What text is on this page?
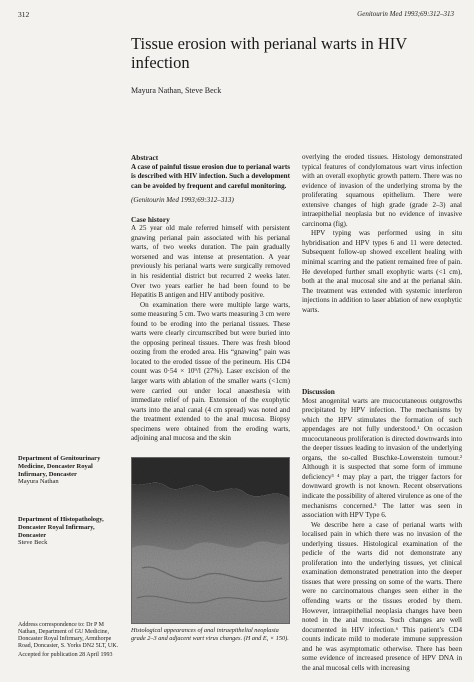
312	Genitourin Med 1993;69:312–313
Tissue erosion with perianal warts in HIV infection
Mayura Nathan, Steve Beck
Abstract

A case of painful tissue erosion due to perianal warts is described with HIV infection. Such a development can be avoided by frequent and careful monitoring.

(Genitourin Med 1993;69:312–313)

Case history

A 25 year old male referred himself with persistent gnawing perianal pain associated with his perianal warts, of two weeks duration. The pain gradually worsened and was intense at presentation. A year previously his perianal warts were surgically removed in his residential district but recurred 2 weeks later. Over two years earlier he had been found to be Hepatitis B antigen and HIV antibody positive.

On examination there were multiple large warts, some measuring 5 cm. Two warts measuring 3 cm were found to be eroding into the perianal tissues. These warts were clearly circumscribed but were buried into the opposing perineal tissues. There was fresh blood oozing from the eroded area. His “gnawing” pain was located to the eroded tissue of the perineum. His CD4 count was 0·54 × 10⁹/l (27%). Laser excision of the larger warts with ablation of the smaller warts (<1cm) were carried out under local anaesthesia with immediate relief of pain. Extension of the exophytic warts into the anal canal (4 cm spread) was noted and the treatment extended to the anal mucosa. Biopsy specimens were obtained from the eroding warts, adjoining anal mucosa and the skin

overlying the eroded tissues. Histology demonstrated typical features of condylomatous wart virus infection with an overall exophytic growth pattern. There was no evidence of invasion of the underlying stroma by the proliferating squamous epithelium. There were extensive changes of high grade (grade 2–3) anal intraepithelial neoplasia but no evidence of invasive carcinoma (fig).

HPV typing was performed using in situ hybridisation and HPV types 6 and 11 were detected. Subsequent follow-up showed excellent healing with minimal scarring and the patient remained free of pain. He developed further small exophytic warts (<1 cm), both at the anal mucosal site and at the perianal skin. The treatment was extended with systemic interferon injections in addition to laser ablation of new exophytic warts.

Discussion

Most anogenital warts are mucocutaneous outgrowths precipitated by HPV infection. The mechanisms by which the HPV stimulates the formation of such appendages are not fully understood.¹ On occasion mucocutaneous proliferation is directed downwards into the deeper tissues leading to invasion of the underlying organs, the so-called Buschke-Lowenstein tumour.² Although it is suspected that some form of immune deficiency³ ⁴ may play a part, the trigger factors for downward growth is not known. Recent observations indicate the possibility of altered virulence as one of the mechanisms concerned.⁵ The latter was seen in association with HPV Type 6.

We describe here a case of perianal warts with localised pain in which there was no invasion of the underlying tissues. Histological examination of the pedicle of the warts did not demonstrate any proliferation into the underlying tissues, yet clinical examination demonstrated penetration into the deeper tissues that were pressing on some of the warts. There were no carcinomatous changes seen either in the offending warts or the tissues eroded by them. However, intraepithelial neoplasia changes have been noted in the anal mucosa. Such changes are well documented in HIV infection.⁶ This patient’s CD4 counts indicate mild to moderate immune suppression and he was asymptomatic otherwise. There has been some evidence of increased presence of HPV DNA in the anal mucosal cells with increasing

Histological appearances of anal intraepithelial neoplasia grade 2–3 and adjacent wart virus changes. (H and E, × 150).
Department of Genitourinary Medicine, Doncaster Royal Infirmary, Doncaster
Mayura Nathan
Department of Histopathology, Doncaster Royal Infirmary, Doncaster
Steve Beck
Address correspondence to: Dr P M Nathan, Department of GU Medicine, Doncaster Royal Infirmary, Armthorpe Road, Doncaster, S. Yorks DN2 5LT, UK.
Accepted for publication 28 April 1993
